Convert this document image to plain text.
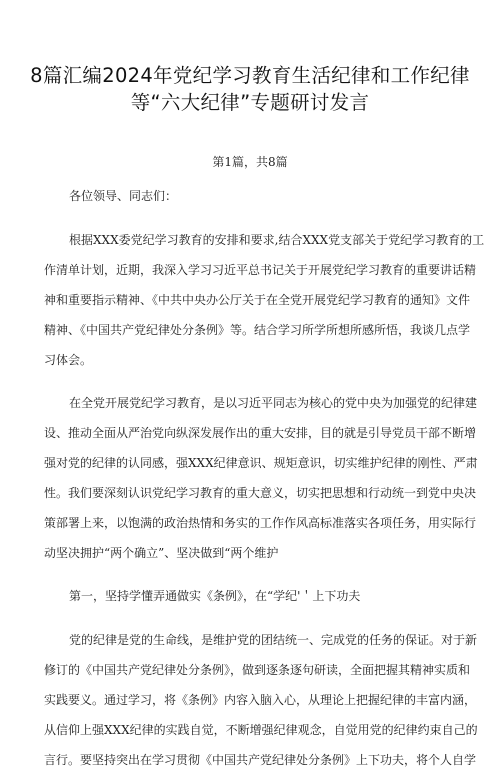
8篇汇编2024年党纪学习教育生活纪律和工作纪律
等“六大纪律”专题研讨发言
第1篇，共8篇
各位领导、同志们：
根据XXX委党纪学习教育的安排和要求,结合XXX党支部关于党纪学习教育的工
作清单计划，近期，我深入学习习近平总书记关于开展党纪学习教育的重要讲话精
神和重要指示精神、《中共中央办公厅关于在全党开展党纪学习教育的通知》文件
精神、《中国共产党纪律处分条例》等。结合学习所学所想所感所悟，我谈几点学
习体会。
在全党开展党纪学习教育，是以习近平同志为核心的党中央为加强党的纪律建
设、推动全面从严治党向纵深发展作出的重大安排，目的就是引导党员干部不断增
强对党的纪律的认同感，强XXX纪律意识、规矩意识，切实维护纪律的刚性、严肃
性。我们要深刻认识党纪学习教育的重大意义，切实把思想和行动统一到党中央决
策部署上来，以饱满的政治热情和务实的工作作风高标准落实各项任务，用实际行
动坚决拥护“两个确立”、坚决做到“两个维护
第一，坚持学懂弄通做实《条例》，在“学纪'＇上下功夫
党的纪律是党的生命线，是维护党的团结统一、完成党的任务的保证。对于新
修订的《中国共产党纪律处分条例》，做到逐条逐句研读，全面把握其精神实质和
实践要义。通过学习，将《条例》内容入脑入心，从理论上把握纪律的丰富内涵，
从信仰上强XXX纪律的实践自觉，不断增强纪律观念，自觉用党的纪律约束自己的
言行。要坚持突出在学习贯彻《中国共产党纪律处分条例》上下功夫，将个人自学
